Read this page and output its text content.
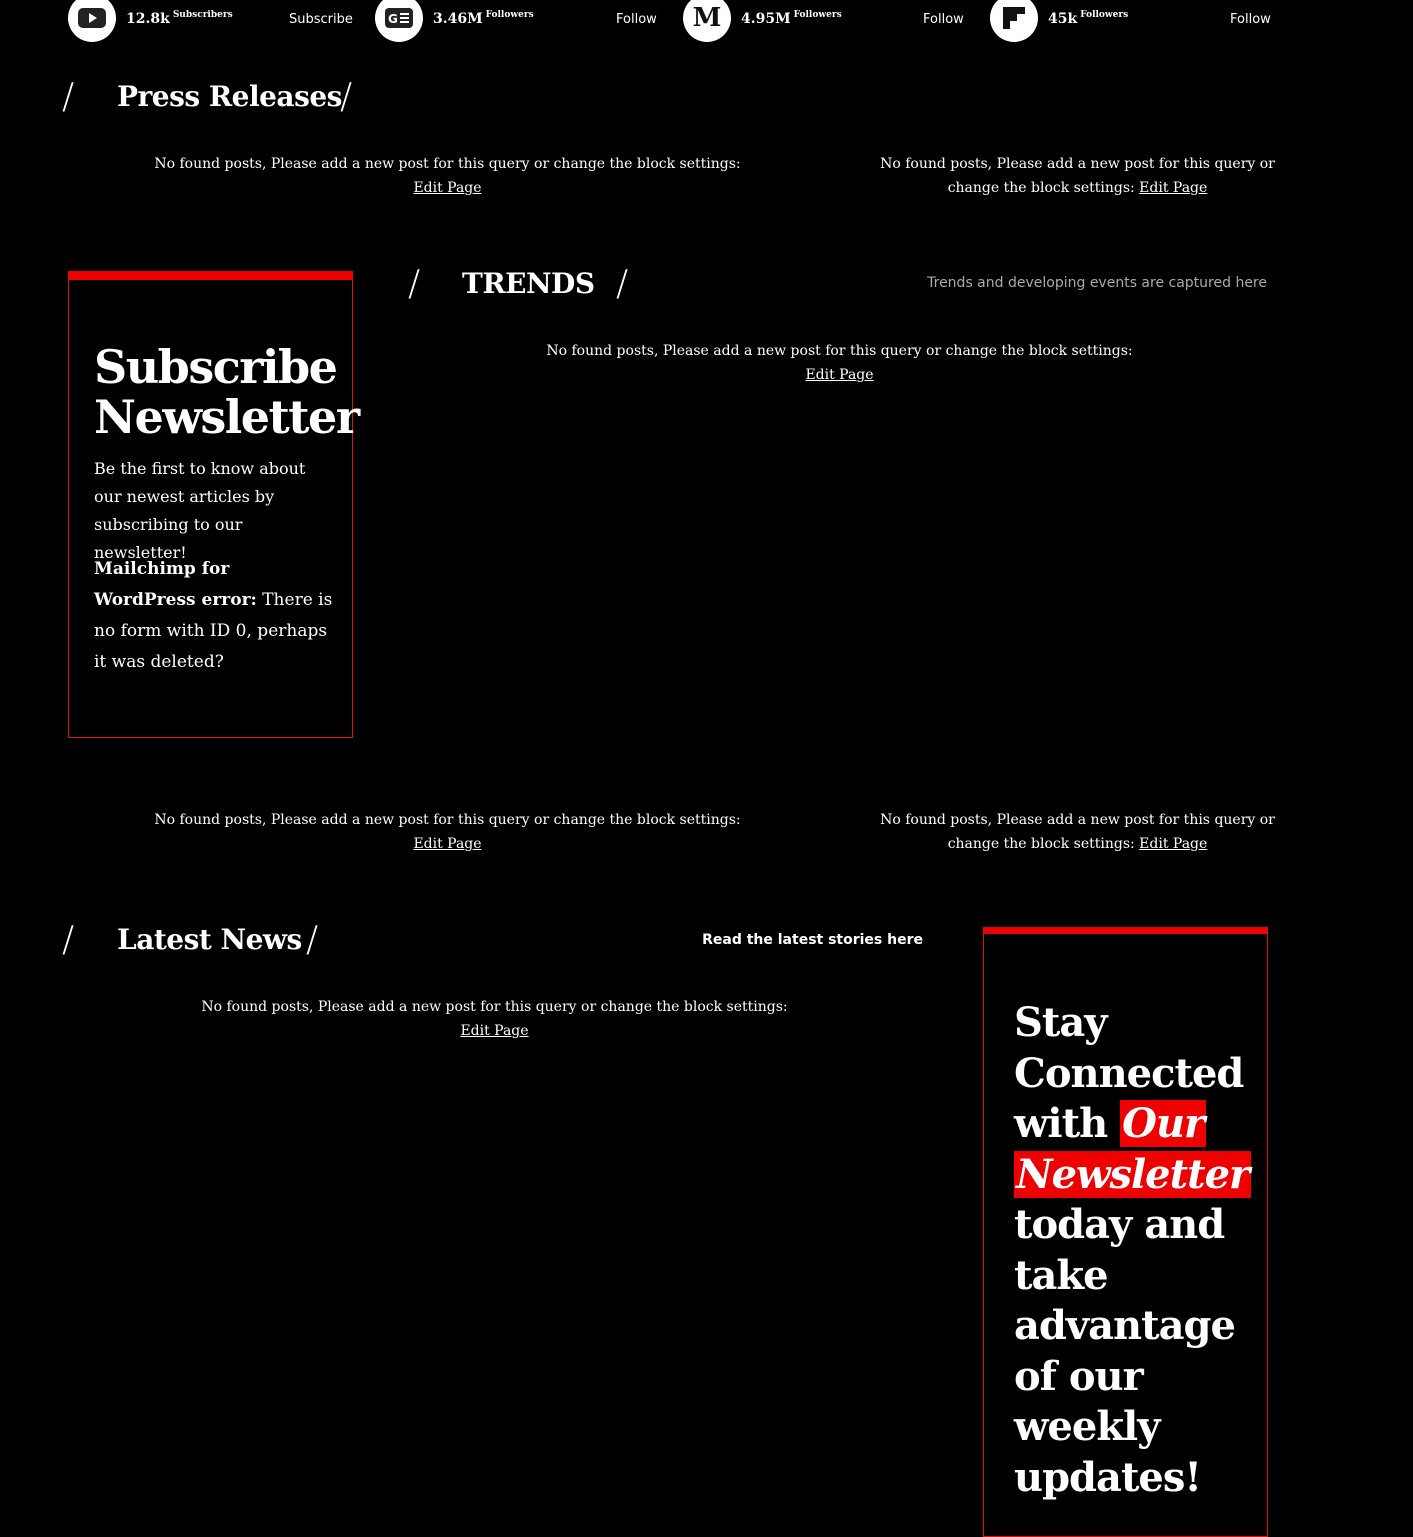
12.8k Subscribers	Subscribe	G	3.46M Followers	Follow M 4.95M Followers	Follow	45k Followers	Follow
/ Press Releases
/
No found posts, Please add a new post for this query or change the block settings: Edit Page
No found posts, Please add a new post for this query or
change the block settings: Edit Page
Subscribe
Newsletter
Be the first to know about our newest articles by subscribing to our newsletter!
Mailchimp for WordPress error: There is no form with ID 0, perhaps it was deleted?
/ TRENDS /	Trends and developing events are captured here
No found posts, Please add a new post for this query or change the block settings: Edit Page
No found posts, Please add a new post for this query or change the block settings: Edit Page
No found posts, Please add a new post for this query or
change the block settings: Edit Page
/ Latest News /	Read the latest stories here
No found posts, Please add a new post for this query or change the block settings: Edit Page	Stay
Connected
with Our
Newsletter
today and
take
advantage
of our
weekly
updates!
